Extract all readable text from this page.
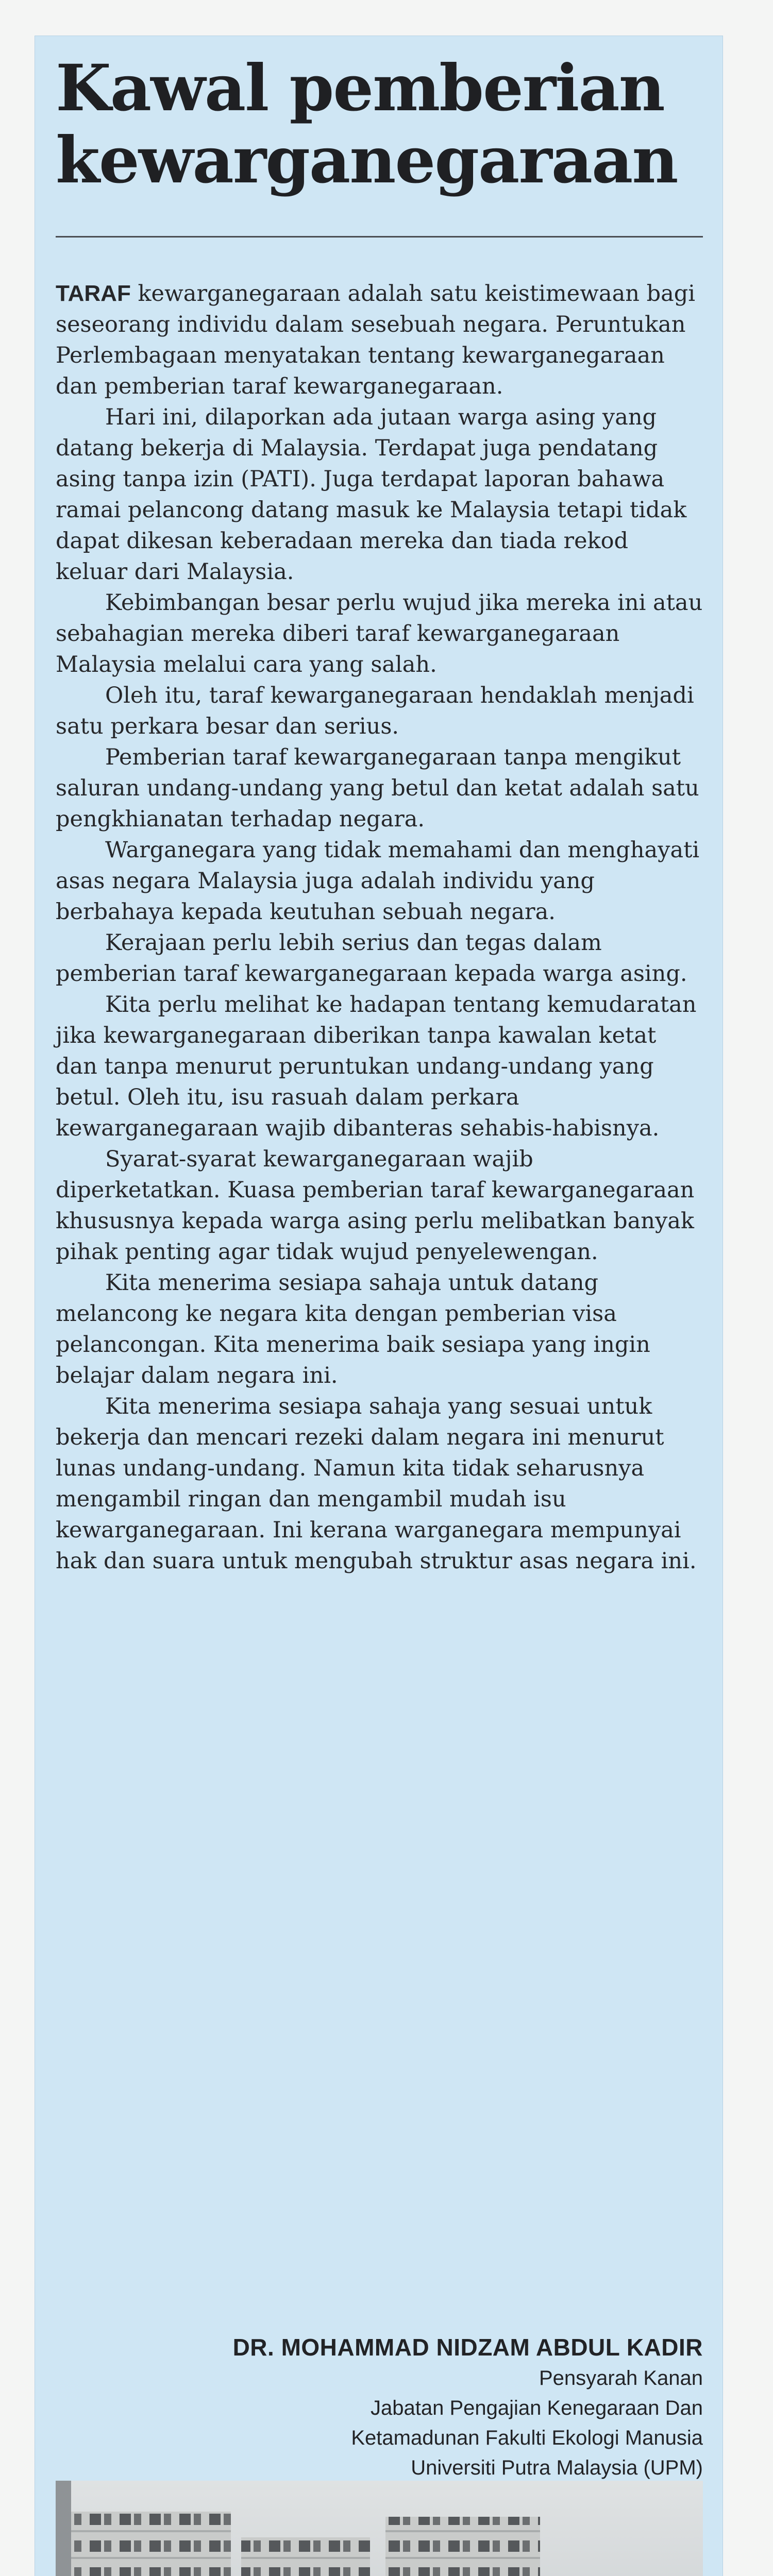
Kawal pemberian kewarganegaraan

TARAF kewarganegaraan adalah satu keistimewaan bagi seseorang individu dalam sesebuah negara. Peruntukan Perlembagaan menyatakan tentang kewarganegaraan dan pemberian taraf kewarganegaraan.

Hari ini, dilaporkan ada jutaan warga asing yang datang bekerja di Malaysia. Terdapat juga pendatang asing tanpa izin (PATI). Juga terdapat laporan bahawa ramai pelancong datang masuk ke Malaysia tetapi tidak dapat dikesan keberadaan mereka dan tiada rekod keluar dari Malaysia.

Kebimbangan besar perlu wujud jika mereka ini atau sebahagian mereka diberi taraf kewarganegaraan Malaysia melalui cara yang salah.

Oleh itu, taraf kewarganegaraan hendaklah menjadi satu perkara besar dan serius.

Pemberian taraf kewarganegaraan tanpa mengikut saluran undang-undang yang betul dan ketat adalah satu pengkhianatan terhadap negara.

Warganegara yang tidak memahami dan menghayati asas negara Malaysia juga adalah individu yang berbahaya kepada keutuhan sebuah negara.

Kerajaan perlu lebih serius dan tegas dalam pemberian taraf kewarganegaraan kepada warga asing.

Kita perlu melihat ke hadapan tentang kemudaratan jika kewarganegaraan diberikan tanpa kawalan ketat dan tanpa menurut peruntukan undang-undang yang betul. Oleh itu, isu rasuah dalam perkara kewarganegaraan wajib dibanteras sehabis-habisnya.

Syarat-syarat kewarganegaraan wajib diperketatkan. Kuasa pemberian taraf kewarganegaraan khususnya kepada warga asing perlu melibatkan banyak pihak penting agar tidak wujud penyelewengan.

Kita menerima sesiapa sahaja untuk datang melancong ke negara kita dengan pemberian visa pelancongan. Kita menerima baik sesiapa yang ingin belajar dalam negara ini.

Kita menerima sesiapa sahaja yang sesuai untuk bekerja dan mencari rezeki dalam negara ini menurut lunas undang-undang. Namun kita tidak seharusnya mengambil ringan dan mengambil mudah isu kewarganegaraan. Ini kerana warganegara mempunyai hak dan suara untuk mengubah struktur asas negara ini.

DR. MOHAMMAD NIDZAM ABDUL KADIR
Pensyarah Kanan
Jabatan Pengajian Kenegaraan Dan
Ketamadunan Fakulti Ekologi Manusia
Universiti Putra Malaysia (UPM)
